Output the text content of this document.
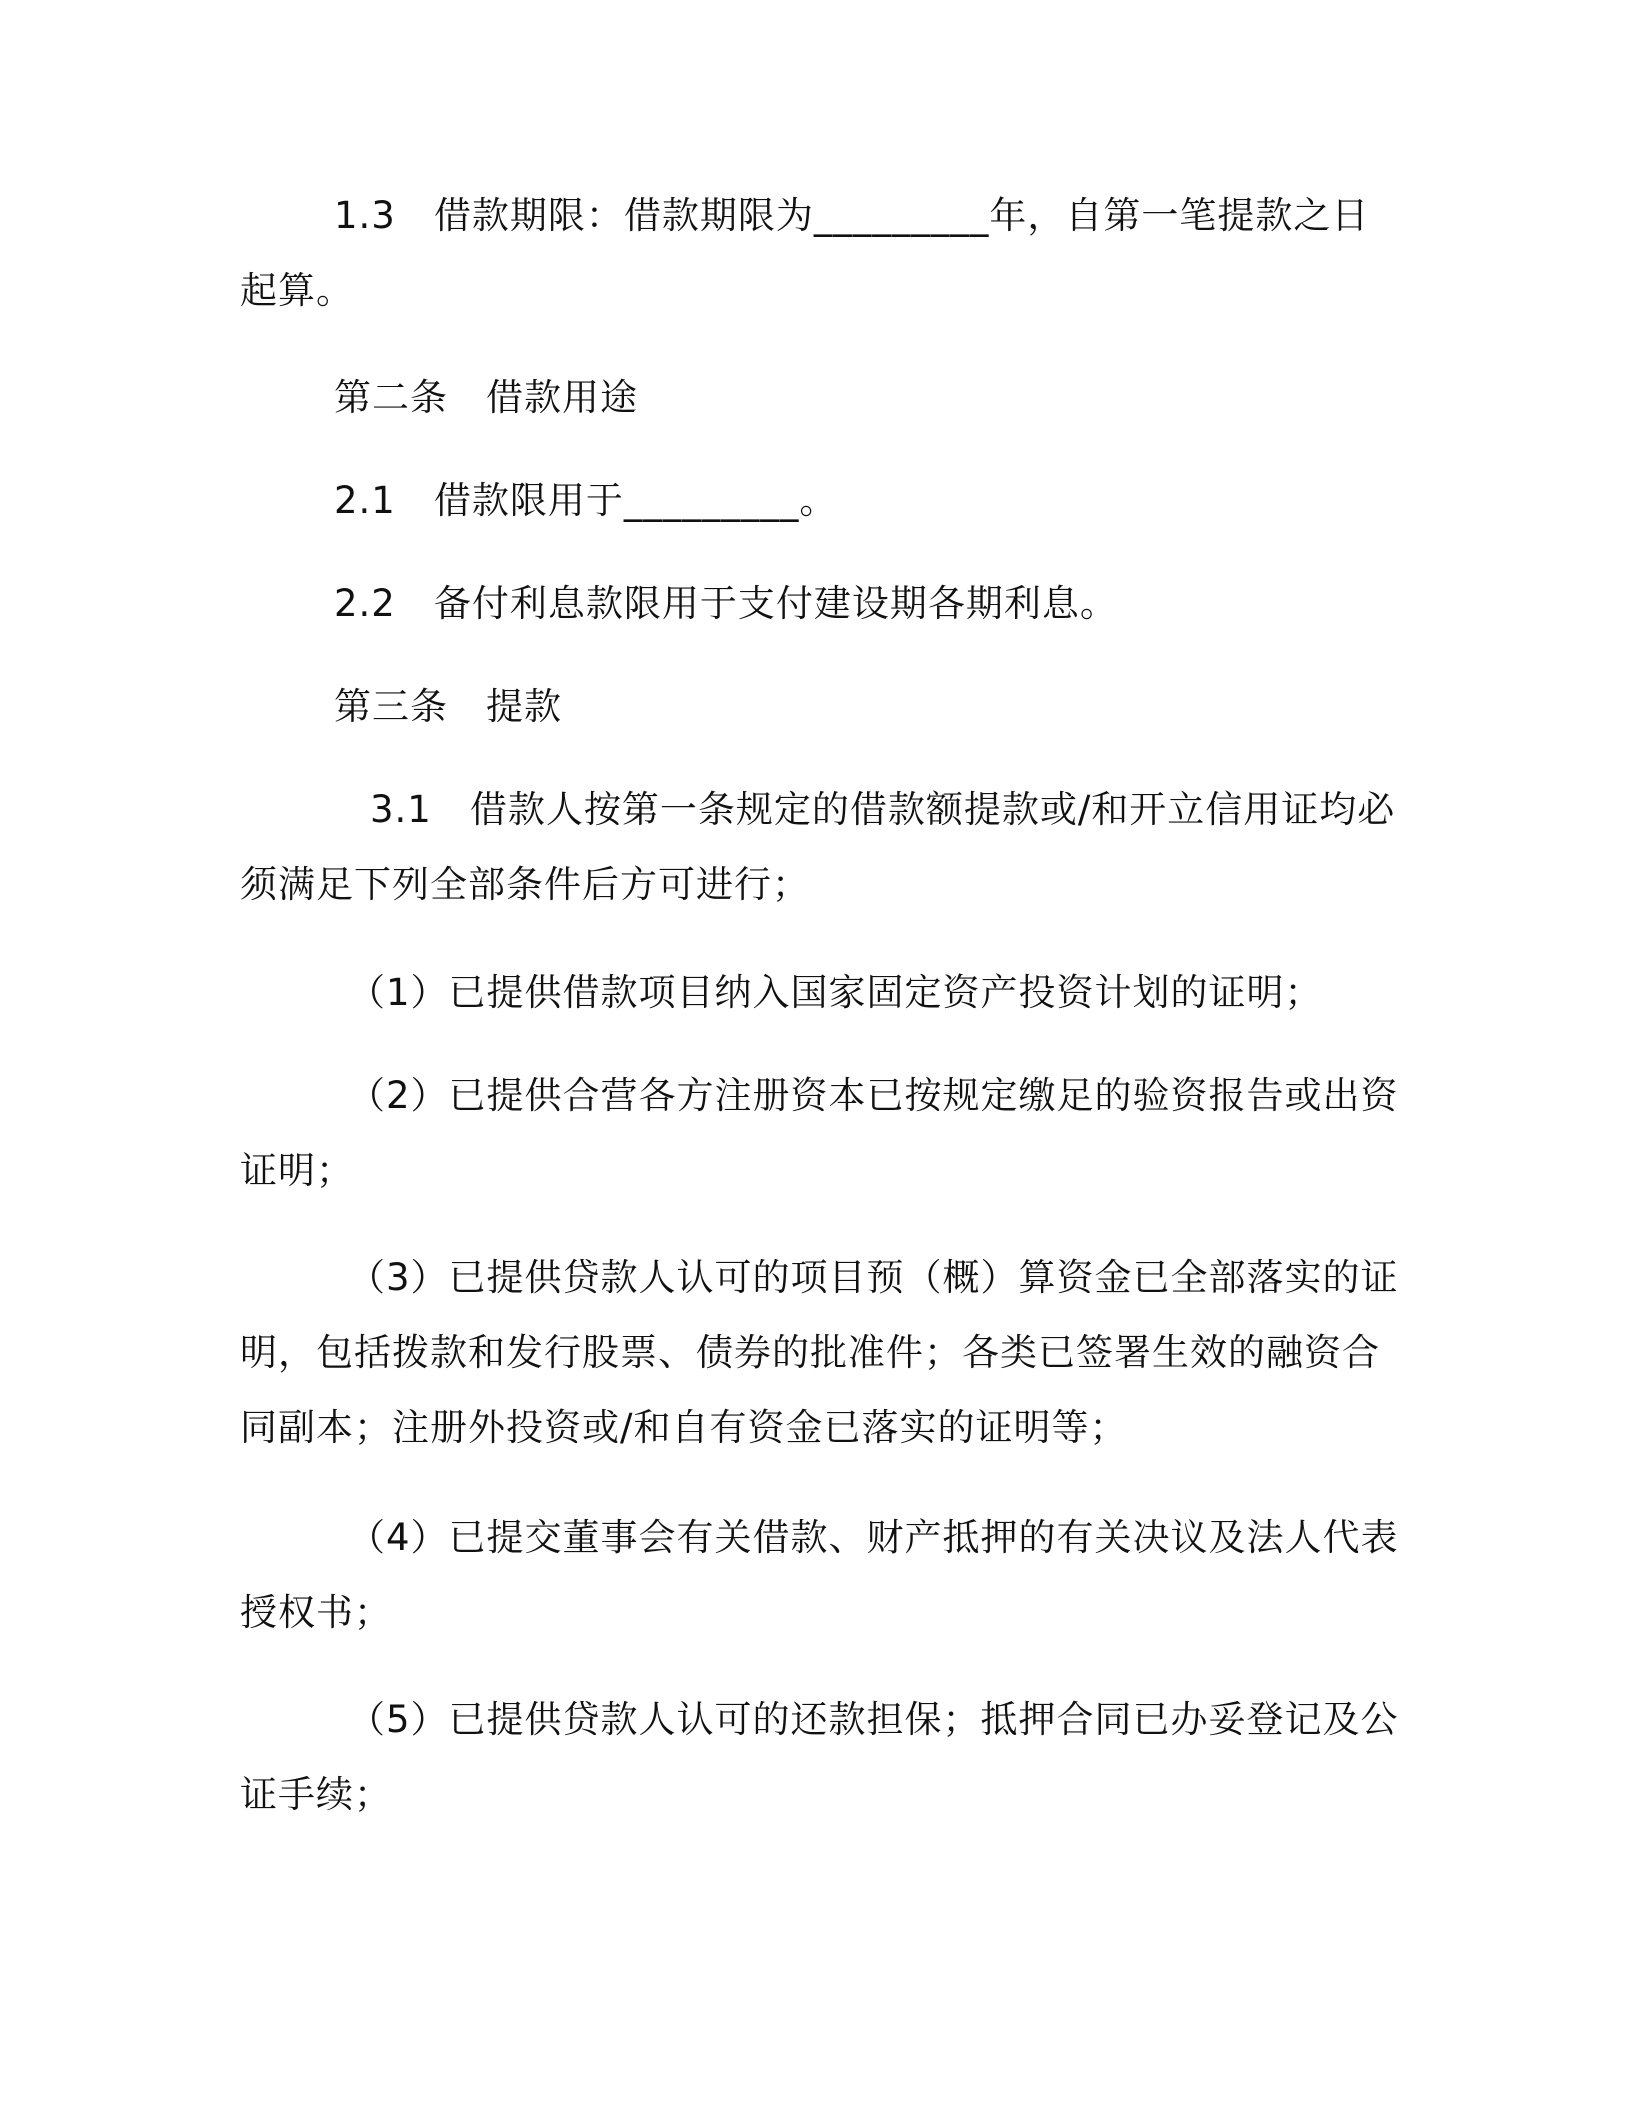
1.3　借款期限：借款期限为_________年，自第一笔提款之日
起算。
第二条　借款用途
2.1　借款限用于_________。
2.2　备付利息款限用于支付建设期各期利息。
第三条　提款
3.1　借款人按第一条规定的借款额提款或/和开立信用证均必
须满足下列全部条件后方可进行；
（1）已提供借款项目纳入国家固定资产投资计划的证明；
（2）已提供合营各方注册资本已按规定缴足的验资报告或出资
证明；
（3）已提供贷款人认可的项目预（概）算资金已全部落实的证
明，包括拨款和发行股票、债券的批准件；各类已签署生效的融资合
同副本；注册外投资或/和自有资金已落实的证明等；
（4）已提交董事会有关借款、财产抵押的有关决议及法人代表
授权书；
（5）已提供贷款人认可的还款担保；抵押合同已办妥登记及公
证手续；
